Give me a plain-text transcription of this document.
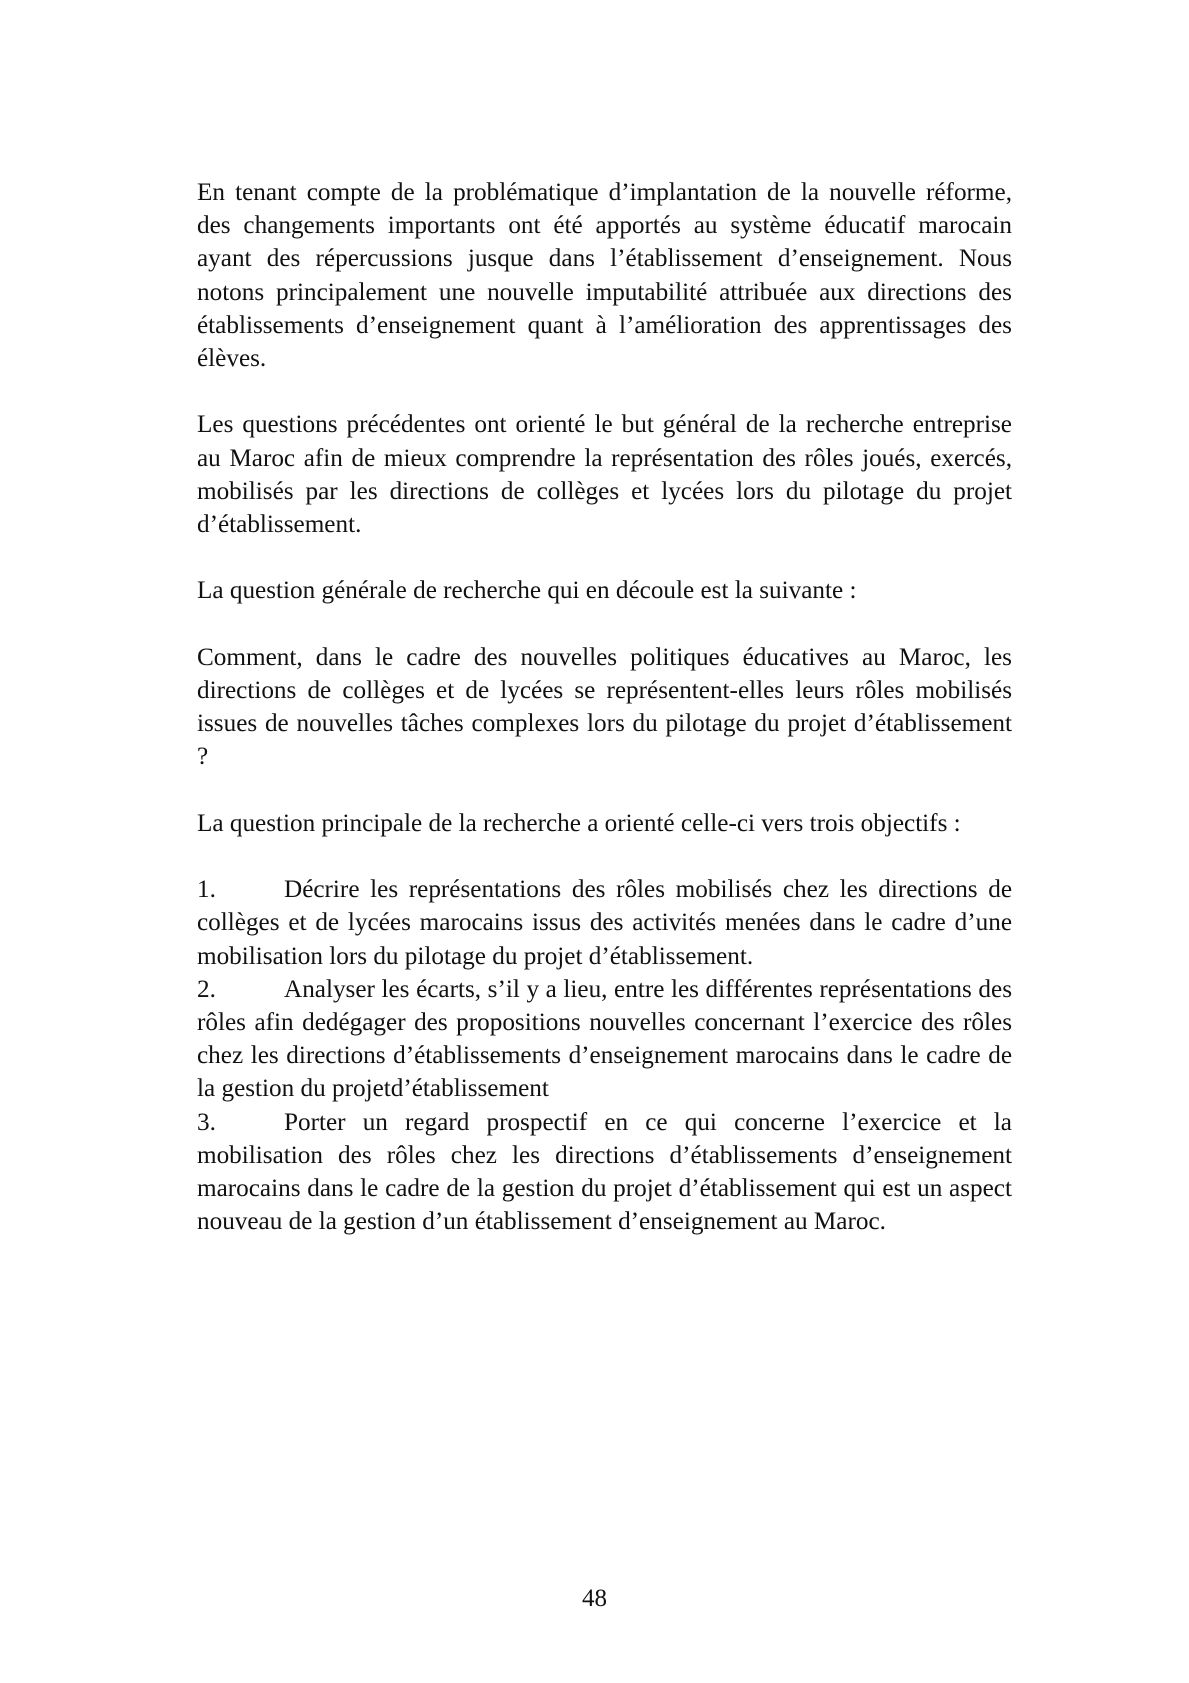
En tenant compte de la problématique d’implantation de la nouvelle réforme, des changements importants ont été apportés au système éducatif marocain ayant des répercussions jusque dans l’établissement d’enseignement. Nous notons principalement une nouvelle imputabilité attribuée aux directions des établissements d’enseignement quant à l’amélioration des apprentissages des élèves.

Les questions précédentes ont orienté le but général de la recherche entreprise au Maroc afin de mieux comprendre la représentation des rôles joués, exercés, mobilisés par les directions de collèges et lycées lors du pilotage du projet d’établissement.

La question générale de recherche qui en découle est la suivante :

Comment, dans le cadre des nouvelles politiques éducatives au Maroc, les directions de collèges et de lycées se représentent-elles leurs rôles mobilisés issues de nouvelles tâches complexes lors du pilotage du projet d’établissement ?

La question principale de la recherche a orienté celle-ci vers trois objectifs :

1.	Décrire les représentations des rôles mobilisés chez les directions de collèges et de lycées marocains issus des activités menées dans le cadre d’une mobilisation lors du pilotage du projet d’établissement.

2.	Analyser les écarts, s’il y a lieu, entre les différentes représentations des rôles afin dedégager des propositions nouvelles concernant l’exercice des rôles chez les directions d’établissements d’enseignement marocains dans le cadre de la gestion du projetd’établissement

3.	Porter un regard prospectif en ce qui concerne l’exercice et la mobilisation des rôles chez les directions d’établissements d’enseignement marocains dans le cadre de la gestion du projet d’établissement qui est un aspect nouveau de la gestion d’un établissement d’enseignement au Maroc.

48
